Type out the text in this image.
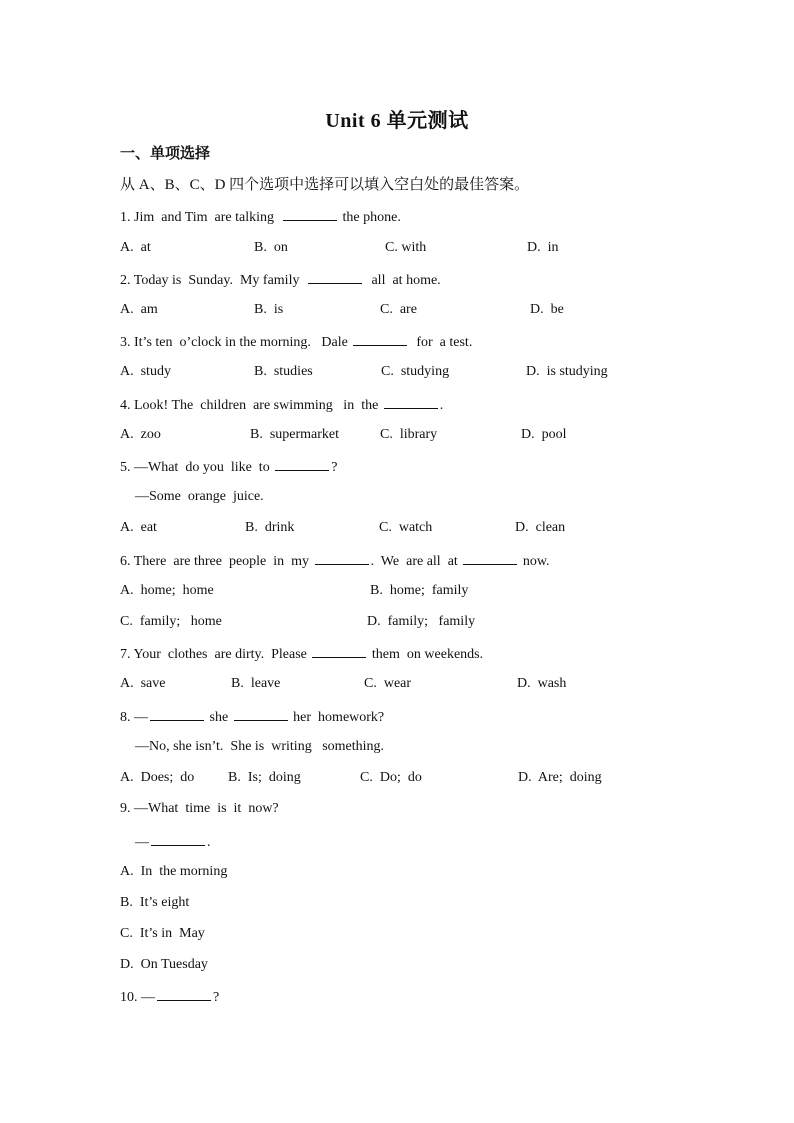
Unit 6 单元测试
一、单项选择
从 A、B、C、D 四个选项中选择可以填入空白处的最佳答案。
1. Jim  and Tim  are talking	the phone.
A.  at	B.  on	C. with	D.  in
2. Today is  Sunday.  My family	all  at home.
A.  am	B.  is	C.  are	D.  be
3. It’s ten  o’clock in the morning.   Dale	for  a test.
A.  study	B.  studies	C.  studying	D.  is studying
4. Look! The  children  are swimming   in  the	.
A.  zoo	B.  supermarket	C.  library	D.  pool
5. —What  do you  like  to	?
—Some  orange  juice.
A.  eat	B.  drink	C.  watch	D.  clean
6. There  are three  people  in  my	.  We  are all  at	now.
A.  home;  home	B.  home;  family
C.  family;   home	D.  family;   family
7. Your  clothes  are dirty.  Please	them  on weekends.
A.  save	B.  leave	C.  wear	D.  wash
8. —	she	her  homework?
—No, she isn’t.  She is  writing   something.
A.  Does;  do B.  Is;  doing	C.  Do;  do	D.  Are;  doing
9. —What  time  is  it  now?
—	.
A.  In  the morning
B.  It’s eight
C.  It’s in  May
D.  On Tuesday
10. —	?
